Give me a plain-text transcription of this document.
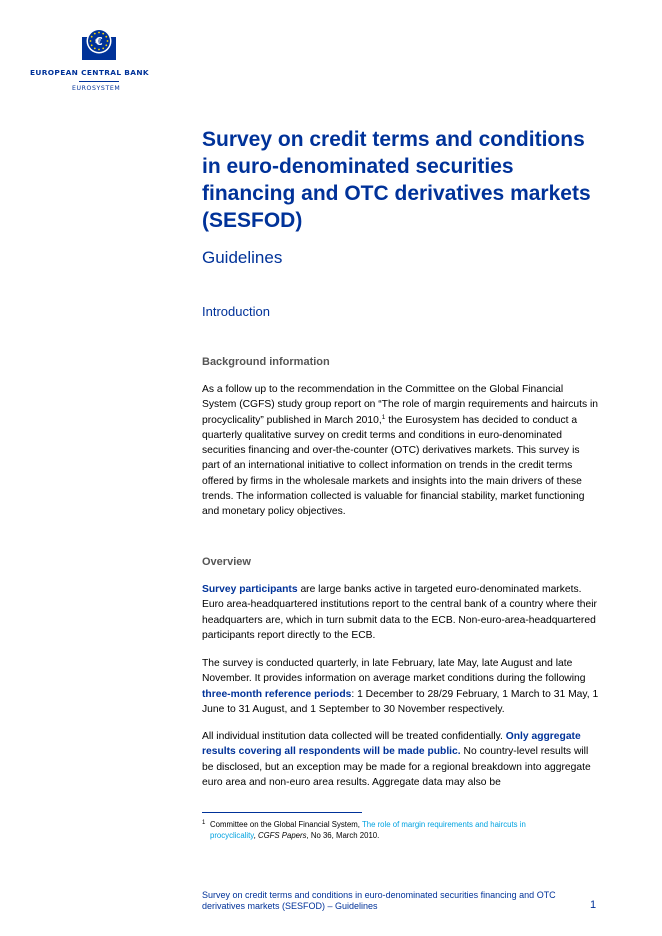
€
EUROPEAN CENTRAL BANK
EUROSYSTEM
Survey on credit terms and conditions in euro-denominated securities financing and OTC derivatives markets (SESFOD)
Guidelines
Introduction
Background information

As a follow up to the recommendation in the Committee on the Global Financial System (CGFS) study group report on “The role of margin requirements and haircuts in procyclicality” published in March 2010,$^1$ the Eurosystem has decided to conduct a quarterly qualitative survey on credit terms and conditions in euro-denominated securities financing and over-the-counter (OTC) derivatives markets. This survey is part of an international initiative to collect information on trends in the credit terms offered by firms in the wholesale markets and insights into the main drivers of these trends. The information collected is valuable for financial stability, market functioning and monetary policy objectives.

Overview

Survey participants are large banks active in targeted euro-denominated markets. Euro area-headquartered institutions report to the central bank of a country where their headquarters are, which in turn submit data to the ECB. Non-euro-area-headquartered participants report directly to the ECB.

The survey is conducted quarterly, in late February, late May, late August and late November. It provides information on average market conditions during the following three-month reference periods: 1 December to 28/29 February, 1 March to 31 May, 1 June to 31 August, and 1 September to 30 November respectively.

All individual institution data collected will be treated confidentially. Only aggregate results covering all respondents will be made public. No country-level results will be disclosed, but an exception may be made for a regional breakdown into aggregate euro area and non-euro area results. Aggregate data may also be

1 Committee on the Global Financial System, The role of margin requirements and haircuts in procyclicality, CGFS Papers, No 36, March 2010.

Survey on credit terms and conditions in euro-denominated securities financing and OTC derivatives markets (SESFOD) – Guidelines	1
